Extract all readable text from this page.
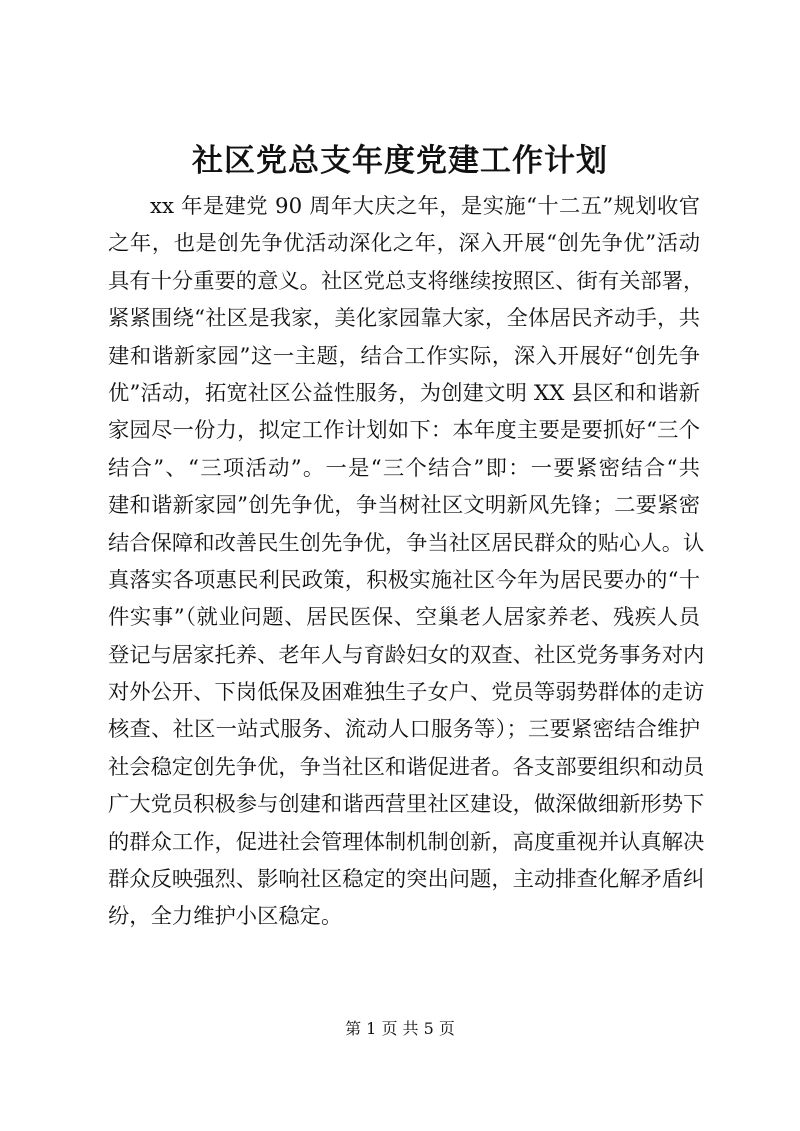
社区党总支年度党建工作计划
xx 年是建党 90 周年大庆之年，是实施“十二五”规划收官
之年，也是创先争优活动深化之年，深入开展“创先争优”活动
具有十分重要的意义。社区党总支将继续按照区、街有关部署，
紧紧围绕“社区是我家，美化家园靠大家，全体居民齐动手，共
建和谐新家园”这一主题，结合工作实际，深入开展好“创先争
优”活动，拓宽社区公益性服务，为创建文明 XX 县区和和谐新
家园尽一份力，拟定工作计划如下：本年度主要是要抓好“三个
结合”、“三项活动”。一是“三个结合”即：一要紧密结合“共
建和谐新家园”创先争优，争当树社区文明新风先锋；二要紧密
结合保障和改善民生创先争优，争当社区居民群众的贴心人。认
真落实各项惠民利民政策，积极实施社区今年为居民要办的“十
件实事”（就业问题、居民医保、空巢老人居家养老、残疾人员
登记与居家托养、老年人与育龄妇女的双查、社区党务事务对内
对外公开、下岗低保及困难独生子女户、党员等弱势群体的走访
核查、社区一站式服务、流动人口服务等）；三要紧密结合维护
社会稳定创先争优，争当社区和谐促进者。各支部要组织和动员
广大党员积极参与创建和谐西营里社区建设，做深做细新形势下
的群众工作，促进社会管理体制机制创新，高度重视并认真解决
群众反映强烈、影响社区稳定的突出问题，主动排查化解矛盾纠
纷，全力维护小区稳定。

第 1 页 共 5 页
